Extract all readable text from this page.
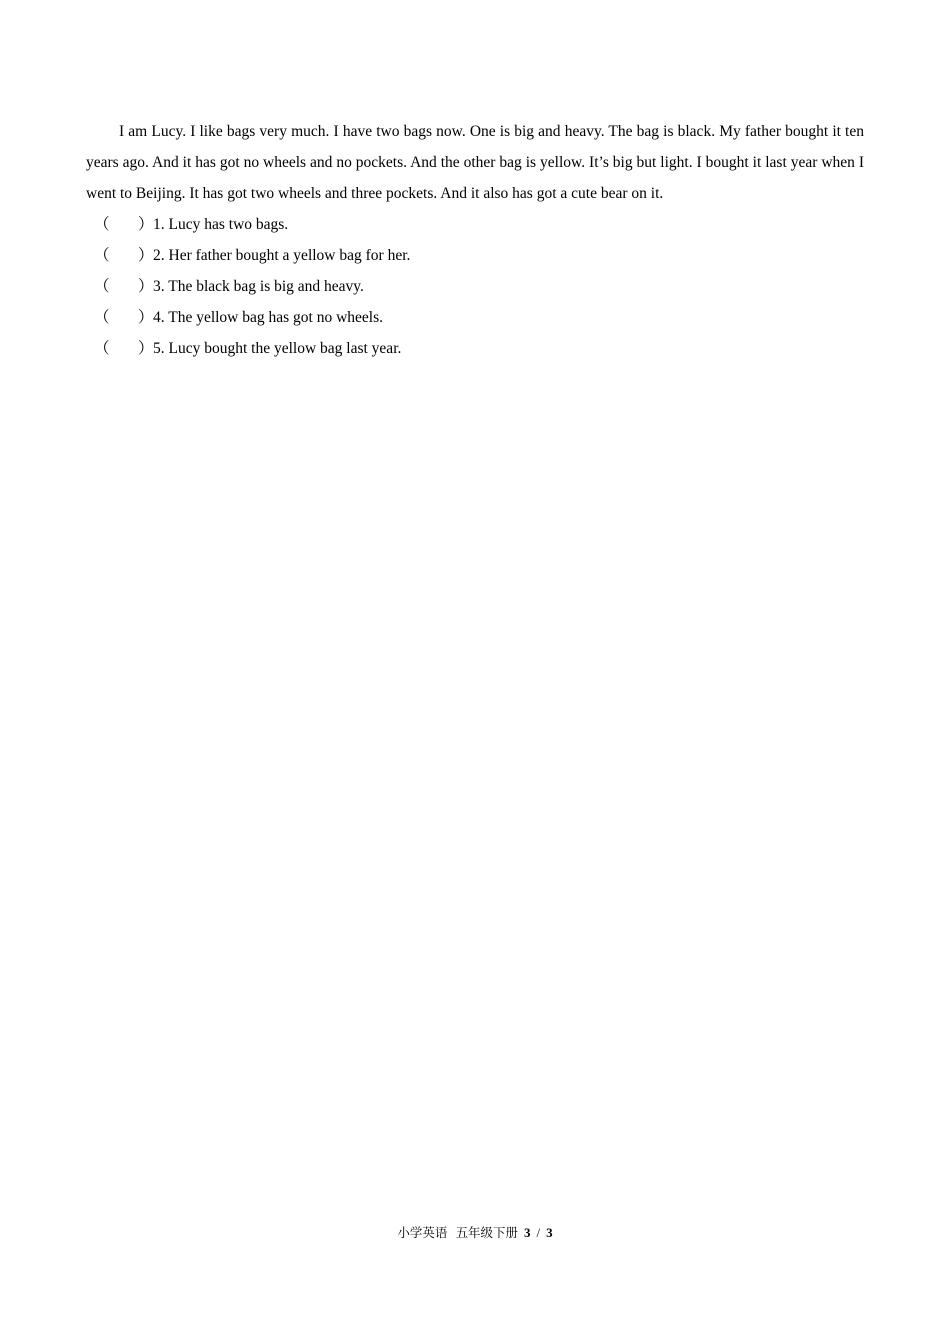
I am Lucy. I like bags very much. I have two bags now. One is big and heavy. The bag is black. My father bought it ten years ago. And it has got no wheels and no pockets. And the other bag is yellow. It’s big but light. I bought it last year when I went to Beijing. It has got two wheels and three pockets. And it also has got a cute bear on it.

（ ） 1. Lucy has two bags.
（ ） 2. Her father bought a yellow bag for her.
（ ） 3. The black bag is big and heavy.
（ ） 4. The yellow bag has got no wheels.
（ ） 5. Lucy bought the yellow bag last year.
小学英语 五年级下册 3 / 3
